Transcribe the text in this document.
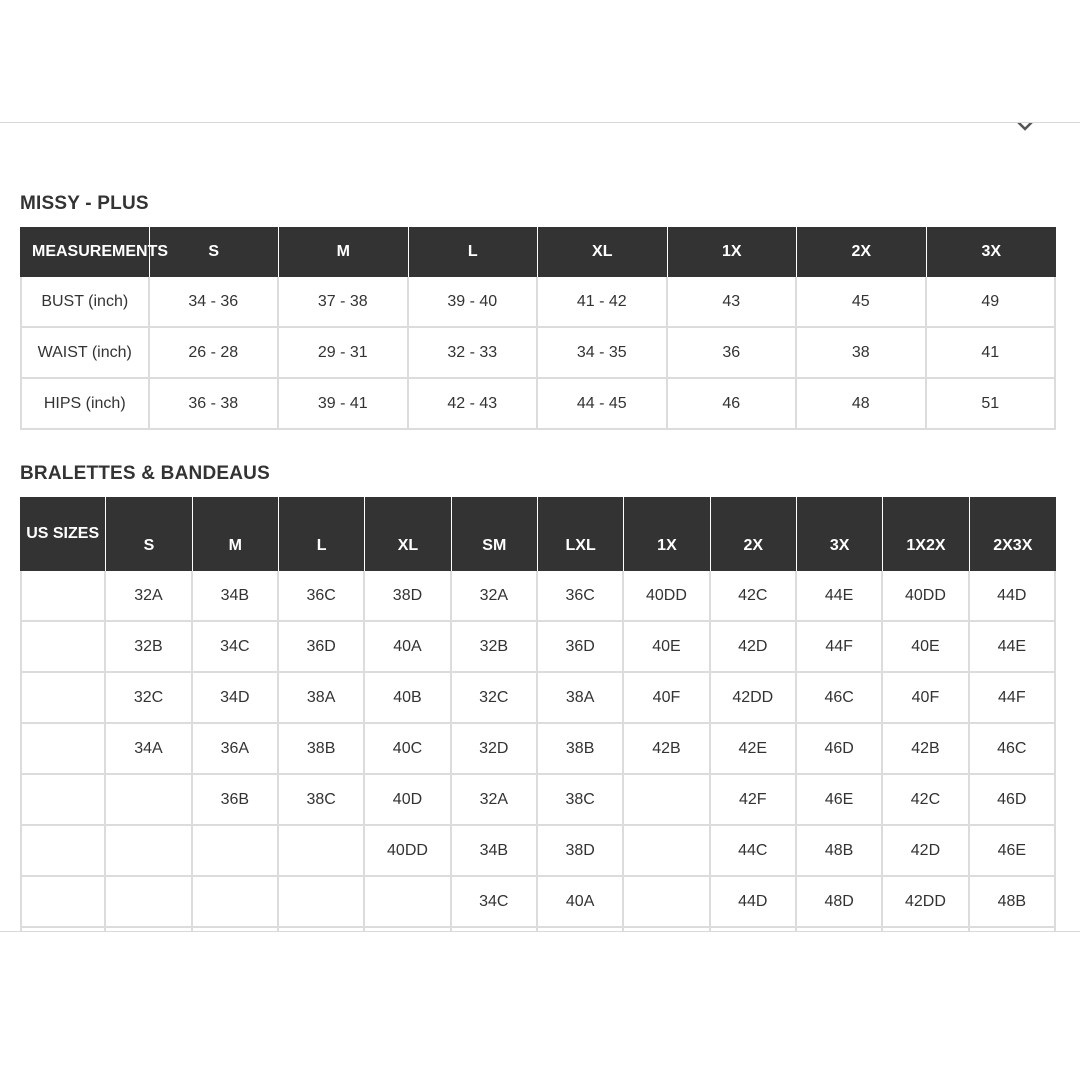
MISSY - PLUS
MEASUREMENTS	S	M	L	XL	1X	2X	3X
BUST (inch)	34 - 36	37 - 38	39 - 40	41 - 42	43	45	49
WAIST (inch)	26 - 28	29 - 31	32 - 33	34 - 35	36	38	41
HIPS (inch)	36 - 38	39 - 41	42 - 43	44 - 45	46	48	51
BRALETTES & BANDEAUS
US SIZES	S	M	L	XL	SM	LXL	1X	2X	3X	1X2X	2X3X
	32A	34B	36C	38D	32A	36C	40DD	42C	44E	40DD	44D
	32B	34C	36D	40A	32B	36D	40E	42D	44F	40E	44E
	32C	34D	38A	40B	32C	38A	40F	42DD	46C	40F	44F
	34A	36A	38B	40C	32D	38B	42B	42E	46D	42B	46C
		36B	38C	40D	32A	38C		42F	46E	42C	46D
				40DD	34B	38D		44C	48B	42D	46E
					34C	40A		44D	48D	42DD	48B
